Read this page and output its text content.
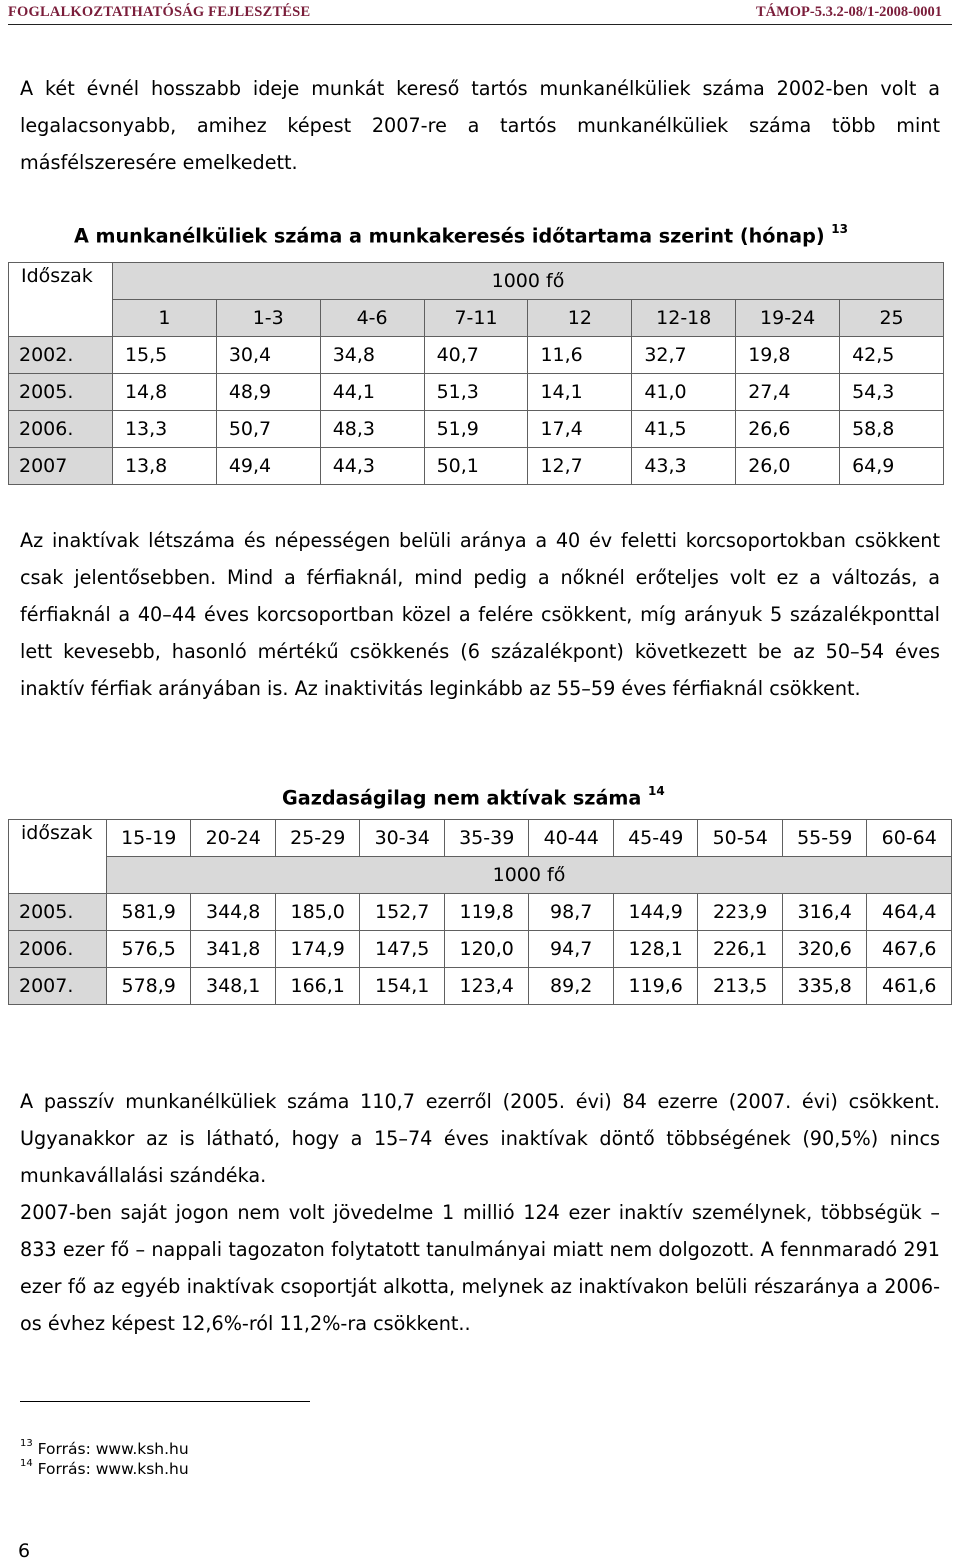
FOGLALKOZTATHATÓSÁG FEJLESZTÉSE	TÁMOP-5.3.2-08/1-2008-0001

A két évnél hosszabb ideje munkát kereső tartós munkanélküliek száma 2002-ben volt a legalacsonyabb, amihez képest 2007-re a tartós munkanélküliek száma több mint másfélszeresére emelkedett.

A munkanélküliek száma a munkakeresés időtartama szerint (hónap) $^{13}$
Időszak	1000 fő							
	1	1-3	4-6	7-11	12	12-18	19-24	25
2002.	15,5	30,4	34,8	40,7	11,6	32,7	19,8	42,5
2005.	14,8	48,9	44,1	51,3	14,1	41,0	27,4	54,3
2006.	13,3	50,7	48,3	51,9	17,4	41,5	26,6	58,8
2007	13,8	49,4	44,3	50,1	12,7	43,3	26,0	64,9

Az inaktívak létszáma és népességen belüli aránya a 40 év feletti korcsoportokban csökkent csak jelentősebben. Mind a férfiaknál, mind pedig a nőknél erőteljes volt ez a változás, a férfiaknál a 40–44 éves korcsoportban közel a felére csökkent, míg arányuk 5 százalékponttal lett kevesebb, hasonló mértékű csökkenés (6 százalékpont) következett be az 50–54 éves inaktív férfiak arányában is. Az inaktivitás leginkább az 55–59 éves férfiaknál csökkent.

Gazdaságilag nem aktívak száma $^{14}$
időszak	15-19	20-24	25-29	30-34	35-39	40-44	45-49	50-54	55-59	60-64
	1000 fő									
2005.	581,9	344,8	185,0	152,7	119,8	98,7	144,9	223,9	316,4	464,4
2006.	576,5	341,8	174,9	147,5	120,0	94,7	128,1	226,1	320,6	467,6
2007.	578,9	348,1	166,1	154,1	123,4	89,2	119,6	213,5	335,8	461,6

A passzív munkanélküliek száma 110,7 ezerről (2005. évi) 84 ezerre (2007. évi) csökkent. Ugyanakkor az is látható, hogy a 15–74 éves inaktívak döntő többségének (90,5%) nincs munkavállalási szándéka.

2007-ben saját jogon nem volt jövedelme 1 millió 124 ezer inaktív személynek, többségük – 833 ezer fő – nappali tagozaton folytatott tanulmányai miatt nem dolgozott. A fennmaradó 291 ezer fő az egyéb inaktívak csoportját alkotta, melynek az inaktívakon belüli részaránya a 2006-os évhez képest 12,6%-ról 11,2%-ra csökkent..

$^{13}$ Forrás: www.ksh.hu
$^{14}$ Forrás: www.ksh.hu
6
